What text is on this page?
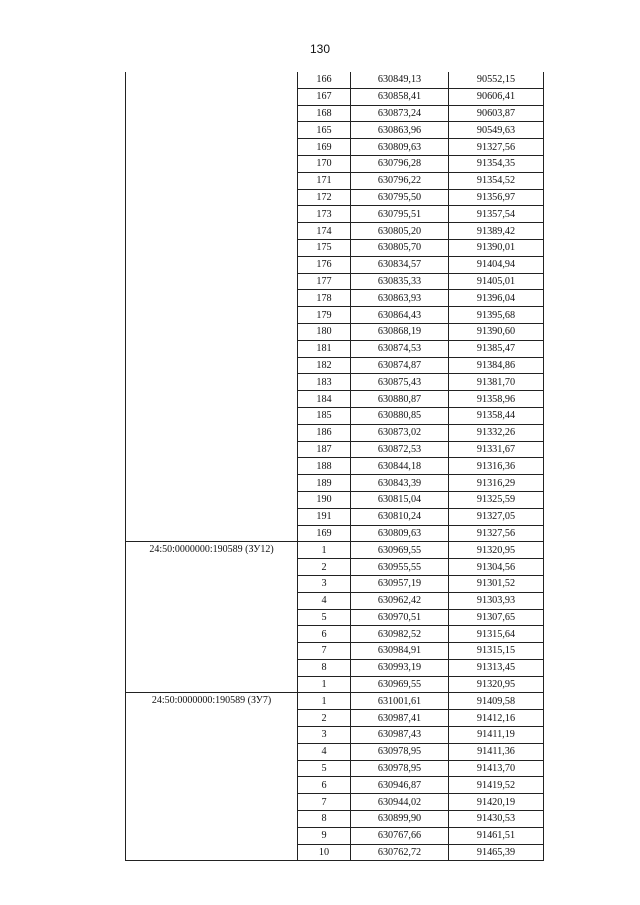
130
	166	630849,13	90552,15
	167	630858,41	90606,41
	168	630873,24	90603,87
	165	630863,96	90549,63
	169	630809,63	91327,56
	170	630796,28	91354,35
	171	630796,22	91354,52
	172	630795,50	91356,97
	173	630795,51	91357,54
	174	630805,20	91389,42
	175	630805,70	91390,01
	176	630834,57	91404,94
	177	630835,33	91405,01
	178	630863,93	91396,04
	179	630864,43	91395,68
	180	630868,19	91390,60
	181	630874,53	91385,47
	182	630874,87	91384,86
	183	630875,43	91381,70
	184	630880,87	91358,96
	185	630880,85	91358,44
	186	630873,02	91332,26
	187	630872,53	91331,67
	188	630844,18	91316,36
	189	630843,39	91316,29
	190	630815,04	91325,59
	191	630810,24	91327,05
	169	630809,63	91327,56
24:50:0000000:190589 (ЗУ12)	1	630969,55	91320,95
	2	630955,55	91304,56
	3	630957,19	91301,52
	4	630962,42	91303,93
	5	630970,51	91307,65
	6	630982,52	91315,64
	7	630984,91	91315,15
	8	630993,19	91313,45
	1	630969,55	91320,95
24:50:0000000:190589 (ЗУ7)	1	631001,61	91409,58
	2	630987,41	91412,16
	3	630987,43	91411,19
	4	630978,95	91411,36
	5	630978,95	91413,70
	6	630946,87	91419,52
	7	630944,02	91420,19
	8	630899,90	91430,53
	9	630767,66	91461,51
	10	630762,72	91465,39
